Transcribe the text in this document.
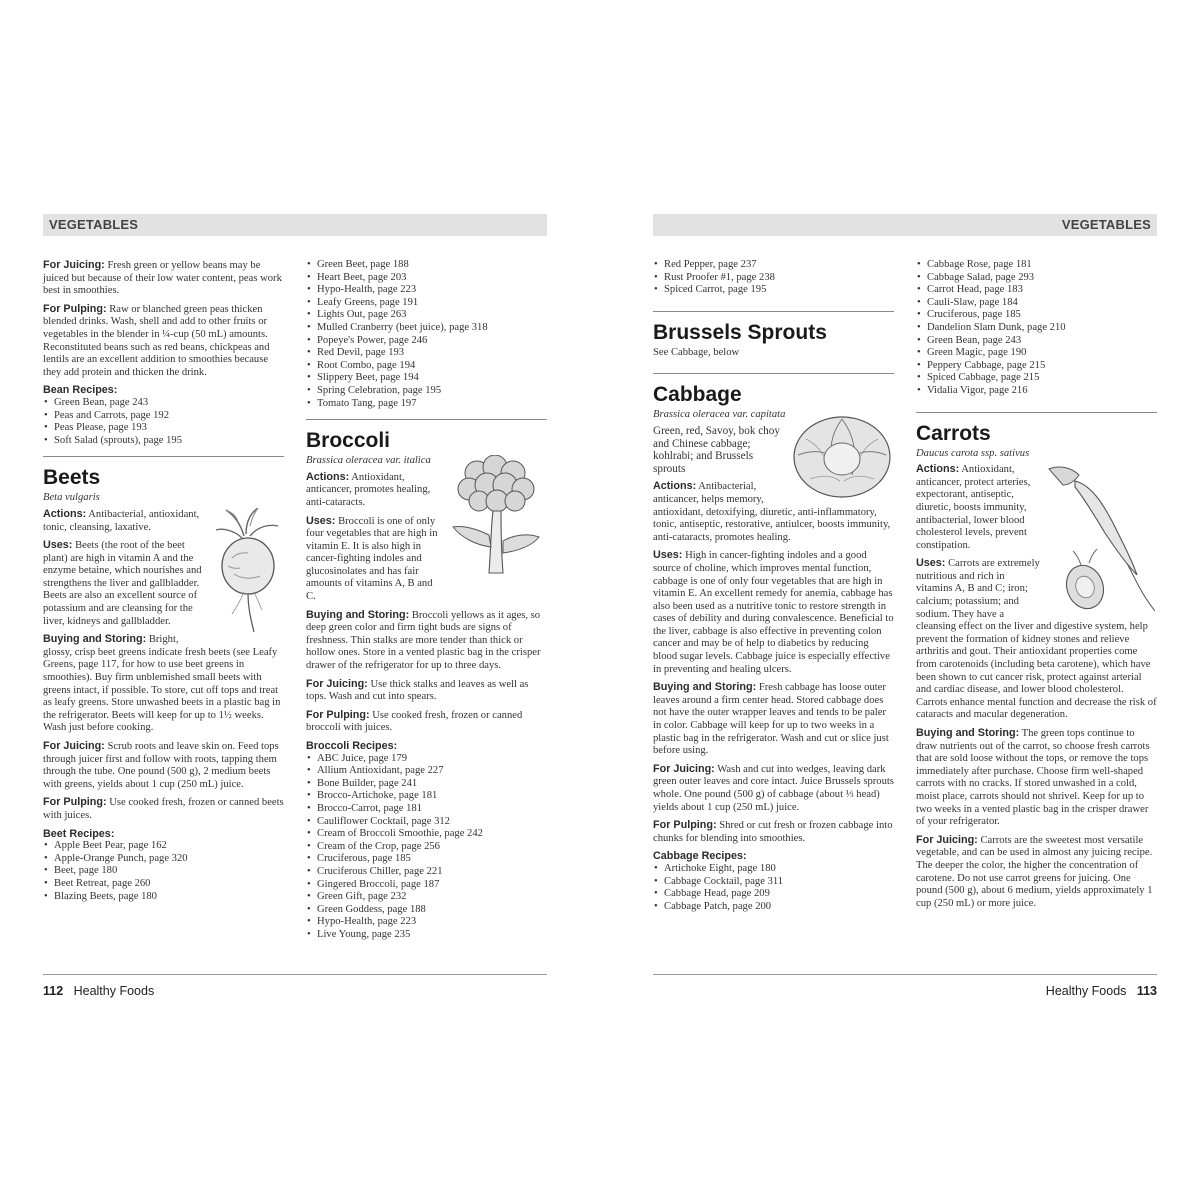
VEGETABLES

For Juicing: Fresh green or yellow beans may be juiced but because of their low water content, peas work best in smoothies.

For Pulping: Raw or blanched green peas thicken blended drinks. Wash, shell and add to other fruits or vegetables in the blender in ¼-cup (50 mL) amounts. Reconstituted beans such as red beans, chickpeas and lentils are an excellent addition to smoothies because they add protein and thicken the drink.

Bean Recipes:
• Green Bean, page 243
• Peas and Carrots, page 192
• Peas Please, page 193
• Soft Salad (sprouts), page 195
Beets
Beta vulgaris

Actions: Antibacterial, antioxidant, tonic, cleansing, laxative.

Uses: Beets (the root of the beet plant) are high in vitamin A and the enzyme betaine, which nourishes and strengthens the liver and gallbladder. Beets are also an excellent source of potassium and are cleansing for the liver, kidneys and gallbladder.

Buying and Storing: Bright, glossy, crisp beet greens indicate fresh beets (see Leafy Greens, page 117, for how to use beet greens in smoothies). Buy firm unblemished small beets with greens intact, if possible. To store, cut off tops and treat as leafy greens. Store unwashed beets in a plastic bag in the refrigerator. Beets will keep for up to 1½ weeks. Wash just before cooking.

For Juicing: Scrub roots and leave skin on. Feed tops through juicer first and follow with roots, tapping them through the tube. One pound (500 g), 2 medium beets with greens, yields about 1 cup (250 mL) juice.

For Pulping: Use cooked fresh, frozen or canned beets with juices.

Beet Recipes:
• Apple Beet Pear, page 162
• Apple-Orange Punch, page 320
• Beet, page 180
• Beet Retreat, page 260
• Blazing Beets, page 180
• Green Beet, page 188
• Heart Beet, page 203
• Hypo-Health, page 223
• Leafy Greens, page 191
• Lights Out, page 263
• Mulled Cranberry (beet juice), page 318
• Popeye's Power, page 246
• Red Devil, page 193
• Root Combo, page 194
• Slippery Beet, page 194
• Spring Celebration, page 195
• Tomato Tang, page 197
Broccoli
Brassica oleracea var. italica

Actions: Antioxidant, anticancer, promotes healing, anti-cataracts.

Uses: Broccoli is one of only four vegetables that are high in vitamin E. It is also high in cancer-fighting indoles and glucosinolates and has fair amounts of vitamins A, B and C.

Buying and Storing: Broccoli yellows as it ages, so deep green color and firm tight buds are signs of freshness. Thin stalks are more tender than thick or hollow ones. Store in a vented plastic bag in the crisper drawer of the refrigerator for up to three days.

For Juicing: Use thick stalks and leaves as well as tops. Wash and cut into spears.

For Pulping: Use cooked fresh, frozen or canned broccoli with juices.

Broccoli Recipes:
• ABC Juice, page 179
• Allium Antioxidant, page 227
• Bone Builder, page 241
• Brocco-Artichoke, page 181
• Brocco-Carrot, page 181
• Cauliflower Cocktail, page 312
• Cream of Broccoli Smoothie, page 242
• Cream of the Crop, page 256
• Cruciferous, page 185
• Cruciferous Chiller, page 221
• Gingered Broccoli, page 187
• Green Gift, page 232
• Green Goddess, page 188
• Hypo-Health, page 223
• Live Young, page 235
112 Healthy Foods
VEGETABLES
• Red Pepper, page 237
• Rust Proofer #1, page 238
• Spiced Carrot, page 195
Brussels Sprouts

See Cabbage, below

Cabbage
Brassica oleracea var. capitata

Green, red, Savoy, bok choy and Chinese cabbage; kohlrabi; and Brussels sprouts

Actions: Antibacterial, anticancer, helps memory, antioxidant, detoxifying, diuretic, anti-inflammatory, tonic, antiseptic, restorative, antiulcer, boosts immunity, anti-cataracts, promotes healing.

Uses: High in cancer-fighting indoles and a good source of choline, which improves mental function, cabbage is one of only four vegetables that are high in vitamin E. An excellent remedy for anemia, cabbage has also been used as a nutritive tonic to restore strength in cases of debility and during convalescence. Beneficial to the liver, cabbage is also effective in preventing colon cancer and may be of help to diabetics by reducing blood sugar levels. Cabbage juice is especially effective in preventing and healing ulcers.

Buying and Storing: Fresh cabbage has loose outer leaves around a firm center head. Stored cabbage does not have the outer wrapper leaves and tends to be paler in color. Cabbage will keep for up to two weeks in a plastic bag in the refrigerator. Wash and cut or slice just before using.

For Juicing: Wash and cut into wedges, leaving dark green outer leaves and core intact. Juice Brussels sprouts whole. One pound (500 g) of cabbage (about ⅓ head) yields about 1 cup (250 mL) juice.

For Pulping: Shred or cut fresh or frozen cabbage into chunks for blending into smoothies.

Cabbage Recipes:
• Artichoke Eight, page 180
• Cabbage Cocktail, page 311
• Cabbage Head, page 209
• Cabbage Patch, page 200
• Cabbage Rose, page 181
• Cabbage Salad, page 293
• Carrot Head, page 183
• Cauli-Slaw, page 184
• Cruciferous, page 185
• Dandelion Slam Dunk, page 210
• Green Bean, page 243
• Green Magic, page 190
• Peppery Cabbage, page 215
• Spiced Cabbage, page 215
• Vidalia Vigor, page 216
Carrots
Daucus carota ssp. sativus

Actions: Antioxidant, anticancer, protect arteries, expectorant, antiseptic, diuretic, boosts immunity, antibacterial, lower blood cholesterol levels, prevent constipation.

Uses: Carrots are extremely nutritious and rich in vitamins A, B and C; iron; calcium; potassium; and sodium. They have a cleansing effect on the liver and digestive system, help prevent the formation of kidney stones and relieve arthritis and gout. Their antioxidant properties come from carotenoids (including beta carotene), which have been shown to cut cancer risk, protect against arterial and cardiac disease, and lower blood cholesterol. Carrots enhance mental function and decrease the risk of cataracts and macular degeneration.

Buying and Storing: The green tops continue to draw nutrients out of the carrot, so choose fresh carrots that are sold loose without the tops, or remove the tops immediately after purchase. Choose firm well-shaped carrots with no cracks. If stored unwashed in a cold, moist place, carrots should not shrivel. Keep for up to two weeks in a vented plastic bag in the crisper drawer of your refrigerator.

For Juicing: Carrots are the sweetest most versatile vegetable, and can be used in almost any juicing recipe. The deeper the color, the higher the concentration of carotene. Do not use carrot greens for juicing. One pound (500 g), about 6 medium, yields approximately 1 cup (250 mL) or more juice.

Healthy Foods 113
